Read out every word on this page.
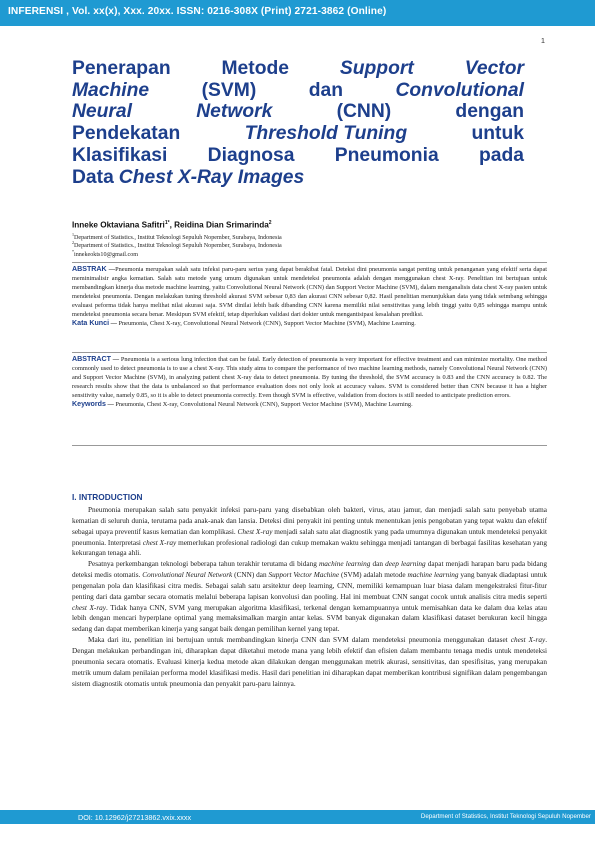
INFERENSI , Vol. xx(x), Xxx. 20xx. ISSN: 0216-308X (Print) 2721-3862 (Online)
1
Penerapan	Metode	Support	Vector
Machine	(SVM)	dan	Convolutional
Neural	Network	(CNN)	dengan
Pendekatan	Threshold Tuning	untuk
Klasifikasi Diagnosa Pneumonia pada
Data Chest X-Ray Images
Inneke Oktaviana Safitri$^{1*}$, Reidina Dian Srimarinda$^2$
$^1$Department of Statistics., Institut Teknologi Sepuluh Nopember, Surabaya, Indonesia
$^2$Department of Statistics., Institut Teknologi Sepuluh Nopember, Surabaya, Indonesia
*innekeokts10@gmail.com

ABSTRAK —Pneumonia merupakan salah satu infeksi paru-paru serius yang dapat berakibat fatal. Deteksi dini pneumonia sangat penting untuk penanganan yang efektif serta dapat meminimalisir angka kematian. Salah satu metode yang umum digunakan untuk mendeteksi pneumonia adalah dengan menggunakan chest X-ray. Penelitian ini bertujuan untuk membandingkan kinerja dua metode machine learning, yaitu Convolutional Neural Network (CNN) dan Support Vector Machine (SVM), dalam menganalisis data chest X-ray pasien untuk mendeteksi pneumonia. Dengan melakukan tuning threshold akurasi SVM sebesar 0,83 dan akurasi CNN sebesar 0,82. Hasil penelitian menunjukkan data yang tidak seimbang sehingga evaluasi peforma tidak hanya melihat nilai akurasi saja. SVM dinilai lebih baik dibanding CNN karena memiliki nilai sensitivitas yang lebih tinggi yaitu 0,85 sehingga mampu untuk mendeteksi pneumonia secara benar. Meskipun SVM efektif, tetap diperlukan validasi dari dokter untuk mengantisipasi kesalahan prediksi.

Kata Kunci — Pneumonia, Chest X-ray, Convolutional Neural Network (CNN), Support Vector Machine (SVM), Machine Learning.

ABSTRACT — Pneumonia is a serious lung infection that can be fatal. Early detection of pneumonia is very important for effective treatment and can minimize mortality. One method commonly used to detect pneumonia is to use a chest X-ray. This study aims to compare the performance of two machine learning methods, namely Convolutional Neural Network (CNN) and Support Vector Machine (SVM), in analyzing patient chest X-ray data to detect pneumonia. By tuning the threshold, the SVM accuracy is 0.83 and the CNN accuracy is 0.82. The research results show that the data is unbalanced so that performance evaluation does not only look at accuracy values. SVM is considered better than CNN because it has a higher sensitivity value, namely 0.85, so it is able to detect pneumonia correctly. Even though SVM is effective, validation from doctors is still needed to anticipate prediction errors.

Keywords — Pneumonia, Chest X-ray, Convolutional Neural Network (CNN), Support Vector Machine (SVM), Machine Learning.
I. INTRODUCTION

Pneumonia merupakan salah satu penyakit infeksi paru-paru yang disebabkan oleh bakteri, virus, atau jamur, dan menjadi salah satu penyebab utama kematian di seluruh dunia, terutama pada anak-anak dan lansia. Deteksi dini penyakit ini penting untuk menentukan jenis pengobatan yang tepat waktu dan efektif sebagai upaya preventif kasus kematian dan komplikasi. Chest X-ray menjadi salah satu alat diagnostik yang pada umumnya digunakan untuk mendeteksi penyakit pneumonia. Interpretasi chest X-ray memerlukan profesional radiologi dan cukup memakan waktu sehingga menjadi tantangan di berbagai fasilitas kesehatan yang kekurangan tenaga ahli.

Pesatnya perkembangan teknologi beberapa tahun terakhir terutama di bidang machine learning dan deep learning dapat menjadi harapan baru pada bidang deteksi medis otomatis. Convolutional Neural Network (CNN) dan Support Vector Machine (SVM) adalah metode machine learning yang banyak diadaptasi untuk pengenalan pola dan klasifikasi citra medis. Sebagai salah satu arsitektur deep learning, CNN, memiliki kemampuan luar biasa dalam mengekstraksi fitur-fitur penting dari data gambar secara otomatis melalui beberapa lapisan konvolusi dan pooling. Hal ini membuat CNN sangat cocok untuk analisis citra medis seperti chest X-ray. Tidak hanya CNN, SVM yang merupakan algoritma klasifikasi, terkenal dengan kemampuannya untuk memisahkan data ke dalam dua kelas atau lebih dengan mencari hyperplane optimal yang memaksimalkan margin antar kelas. SVM banyak digunakan dalam klasifikasi dataset berukuran kecil hingga sedang dan dapat memberikan kinerja yang sangat baik dengan pemilihan kernel yang tepat.

Maka dari itu, penelitian ini bertujuan untuk membandingkan kinerja CNN dan SVM dalam mendeteksi pneumonia menggunakan dataset chest X-ray. Dengan melakukan perbandingan ini, diharapkan dapat diketahui metode mana yang lebih efektif dan efisien dalam membantu tenaga medis untuk mendeteksi pneumonia secara otomatis. Evaluasi kinerja kedua metode akan dilakukan dengan menggunakan metrik akurasi, sensitivitas, dan spesifisitas, yang merupakan metrik umum dalam penilaian performa model klasifikasi medis. Hasil dari penelitian ini diharapkan dapat memberikan kontribusi signifikan dalam pengembangan sistem diagnostik otomatis untuk pneumonia dan penyakit paru-paru lainnya.

DOI: 10.12962/j27213862.vxix.xxxx	Department of Statistics, Institut Teknologi Sepuluh Nopember
